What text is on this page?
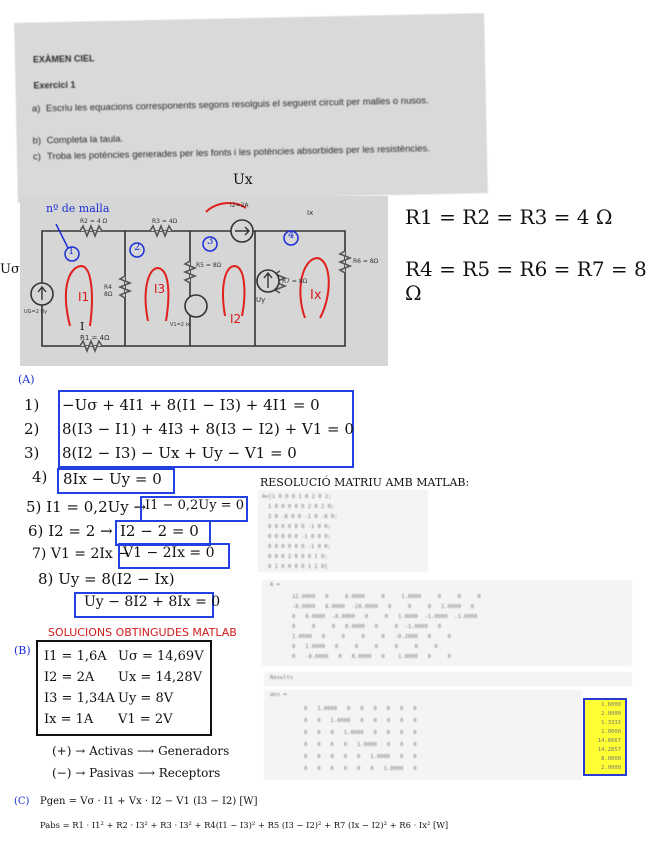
EXÀMEN CIEL
Exercici 1
a) Escriu les equacions corresponents segons resolguis el seguent circuit per malles o nusos.
b) Completa la taula.
c) Troba les potències generades per les fonts i les potències absorbides per les resistències.
nº de malla
1	2
3
4
I2=2A
R2 = 4 Ω	R3 = 4Ω
R4 8Ω
R5 = 8Ω
R6 = 8Ω
R7 = 8Ω
R1 = 4Ω
Ix
Uy
UG=2 Uy
V1=2 Ix
I1
I3
I2
Ix
I
Uσ
Ux
R1 = R2 = R3 = 4 Ω
R4 = R5 = R6 = R7 = 8 Ω
(A)
1) −Uσ + 4I1 + 8(I1 − I3) + 4I1 = 0
2) 8(I3 − I1) + 4I3 + 8(I3 − I2) + V1 = 0
3) 8(I2 − I3) − Ux + Uy − V1 = 0
4) 8Ix − Uy = 0
5) I1 = 0,2Uy →
I1 − 0,2Uy = 0
6) I2 = 2 → I2 − 2 = 0
7) V1 = 2Ix →
V1 − 2Ix = 0
8) Uy = 8(I2 − Ix)
Uy − 8I2 + 8Ix = 0
RESOLUCIÓ MATRIU AMB MATLAB:
A=[1 0 0 0 1 0 2 0 2;
1 0 0 0 0 0 2 0 2 0;
2 0 -8 0 0 -1 0 -8 0;
0 0 0 0 8 0 -1 0 0;
0 0 0 0 0 -1 0 0 0;
0 0 0 0 0 0 -1 0 0;
0 0 0 2 0 0 0 1 0;
0 1 0 0 0 0 1 2 0]
A =
12.0000   0     8.0000     0     1.0000     0     0     0
-8.0000   8.0000  -20.0000   0     0     0   1.0000   0
0   8.0000  -8.0000   0     0   1.0000  -1.0000  -1.0000
0     0     0   8.0000   0     0  -1.0000   0
1.0000   0     0     0     0   -0.2000   0     0
0   1.0000   0     0     0     0     0     0
0   -8.0000   0   8.0000   0    1.0000   0     0
SOLUCIONS OBTINGUDES MATLAB
Results
ans =
0   1.0000   0   0   0   0   0   0
0   0   1.0000   0   0   0   0   0
0   0   0   1.0000   0   0   0   0
0   0   0   0   1.0000   0   0   0
0   0   0   0   0   1.0000   0   0
0   0   0   0   0   0   1.0000   0
1.6000
2.0000
1.3333
1.0000
14.6667
14.2857
8.0000
2.0000
(B) I1 = 1,6A
I2 = 2A
I3 = 1,34A
Ix = 1A
Uσ = 14,69V
Ux = 14,28V
Uy = 8V
V1 = 2V
(+) → Activas ⟶ Generadors
(−) → Pasivas ⟶ Receptors
(C) Pgen = Vσ · I1 + Vx · I2 − V1 (I3 − I2) [W]
Pabs = R1 · I1² + R2 · I3² + R3 · I3² + R4(I1 − I3)² + R5 (I3 − I2)² + R7 (Ix − I2)² + R6 · Ix² [W]
